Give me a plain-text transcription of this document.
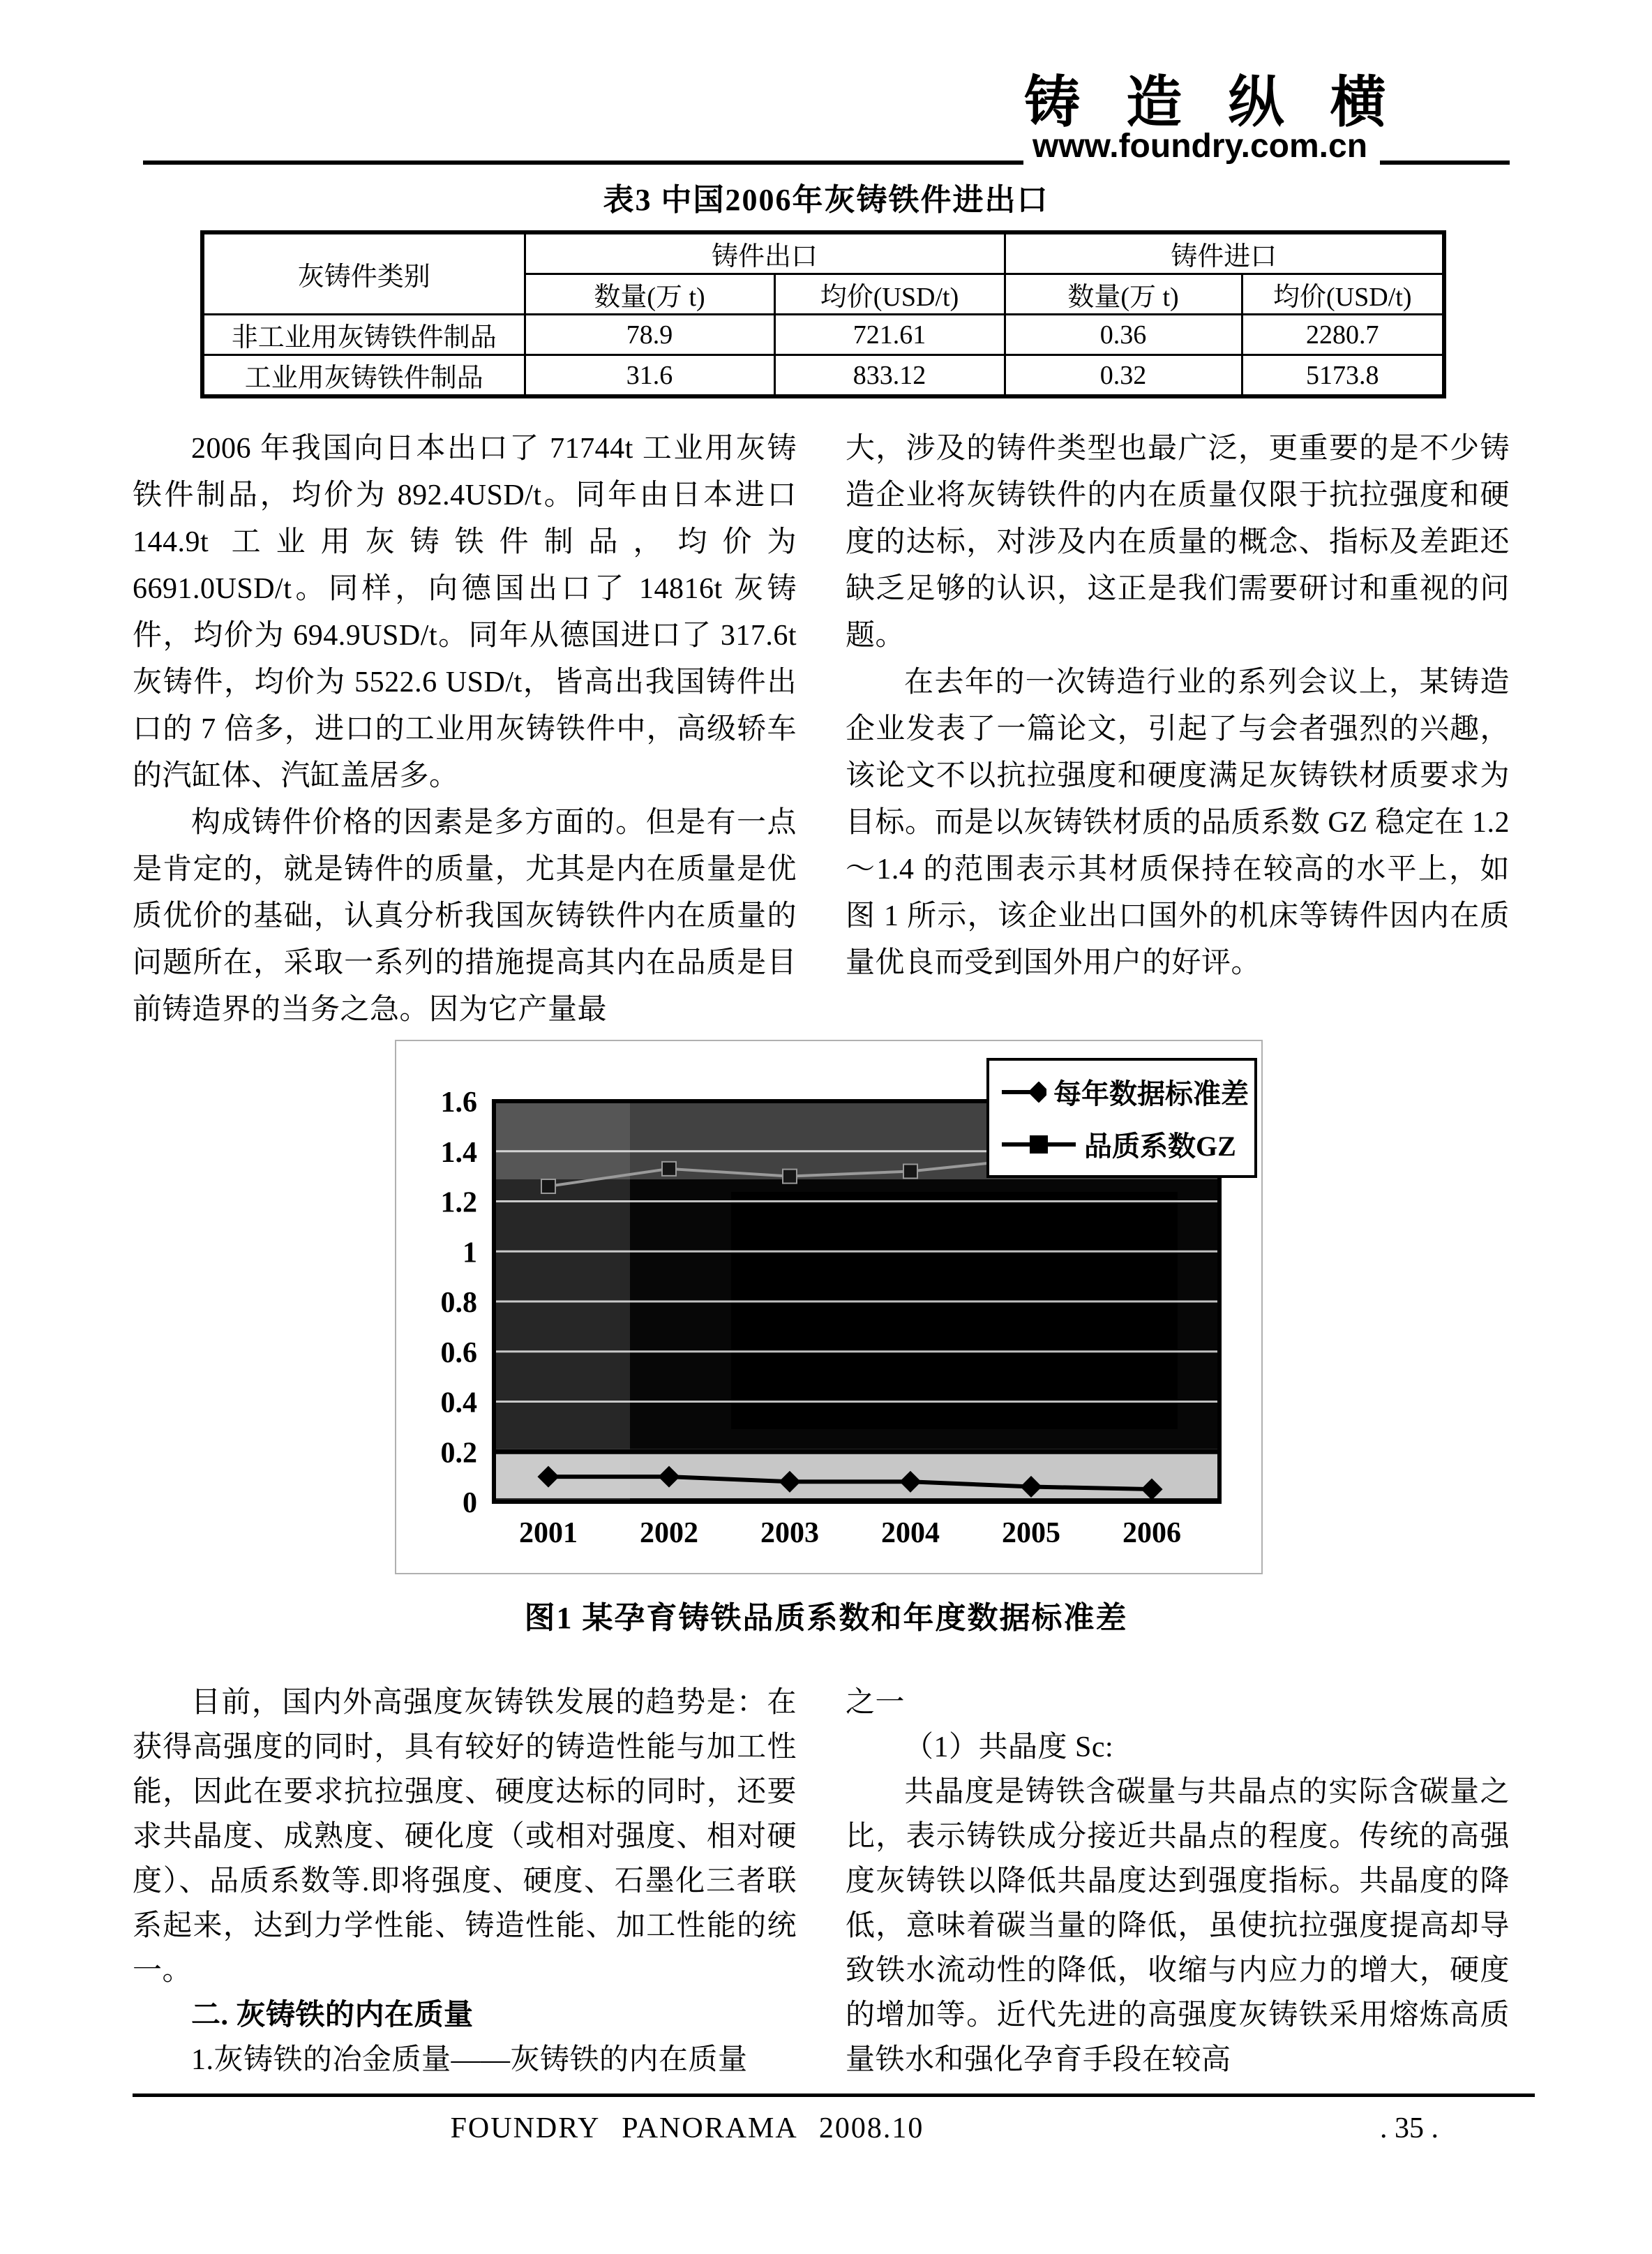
铸 造 纵 横
www.foundry.com.cn
表3 中国2006年灰铸铁件进出口
灰铸件类别	铸件出口		铸件进口	
	数量(万 t)	均价(USD/t)	数量(万 t)	均价(USD/t)
非工业用灰铸铁件制品	78.9	721.61	0.36	2280.7
工业用灰铸铁件制品	31.6	833.12	0.32	5173.8

2006 年我国向日本出口了 71744t 工业用灰铸铁件制品，均价为 892.4USD/t。同年由日本进口 144.9t 工业用灰铸铁件制品，均价为 6691.0USD/t。同样，向德国出口了 14816t 灰铸件，均价为 694.9USD/t。同年从德国进口了 317.6t 灰铸件，均价为 5522.6 USD/t，皆高出我国铸件出口的 7 倍多，进口的工业用灰铸铁件中，高级轿车的汽缸体、汽缸盖居多。

构成铸件价格的因素是多方面的。但是有一点是肯定的，就是铸件的质量，尤其是内在质量是优质优价的基础，认真分析我国灰铸铁件内在质量的问题所在，采取一系列的措施提高其内在品质是目前铸造界的当务之急。因为它产量最

大，涉及的铸件类型也最广泛，更重要的是不少铸造企业将灰铸铁件的内在质量仅限于抗拉强度和硬度的达标，对涉及内在质量的概念、指标及差距还缺乏足够的认识，这正是我们需要研讨和重视的问题。

在去年的一次铸造行业的系列会议上，某铸造企业发表了一篇论文，引起了与会者强烈的兴趣，该论文不以抗拉强度和硬度满足灰铸铁材质要求为目标。而是以灰铸铁材质的品质系数 GZ 稳定在 1.2～1.4 的范围表示其材质保持在较高的水平上，如图 1 所示，该企业出口国外的机床等铸件因内在质量优良而受到国外用户的好评。

0
0.2
0.4
0.6
0.8
1
1.2
1.4
1.6
2001 2002 2003 2004 2005 2006
每年数据标准差
品质系数GZ
图1 某孕育铸铁品质系数和年度数据标准差

目前，国内外高强度灰铸铁发展的趋势是：在获得高强度的同时，具有较好的铸造性能与加工性能，因此在要求抗拉强度、硬度达标的同时，还要求共晶度、成熟度、硬化度（或相对强度、相对硬度）、品质系数等.即将强度、硬度、石墨化三者联系起来，达到力学性能、铸造性能、加工性能的统一。

二. 灰铸铁的内在质量

1.灰铸铁的冶金质量——灰铸铁的内在质量

之一

（1）共晶度 Sc:

共晶度是铸铁含碳量与共晶点的实际含碳量之比，表示铸铁成分接近共晶点的程度。传统的高强度灰铸铁以降低共晶度达到强度指标。共晶度的降低，意味着碳当量的降低，虽使抗拉强度提高却导致铁水流动性的降低，收缩与内应力的增大，硬度的增加等。近代先进的高强度灰铸铁采用熔炼高质量铁水和强化孕育手段在较高

FOUNDRY PANORAMA 2008.10	. 35 .
